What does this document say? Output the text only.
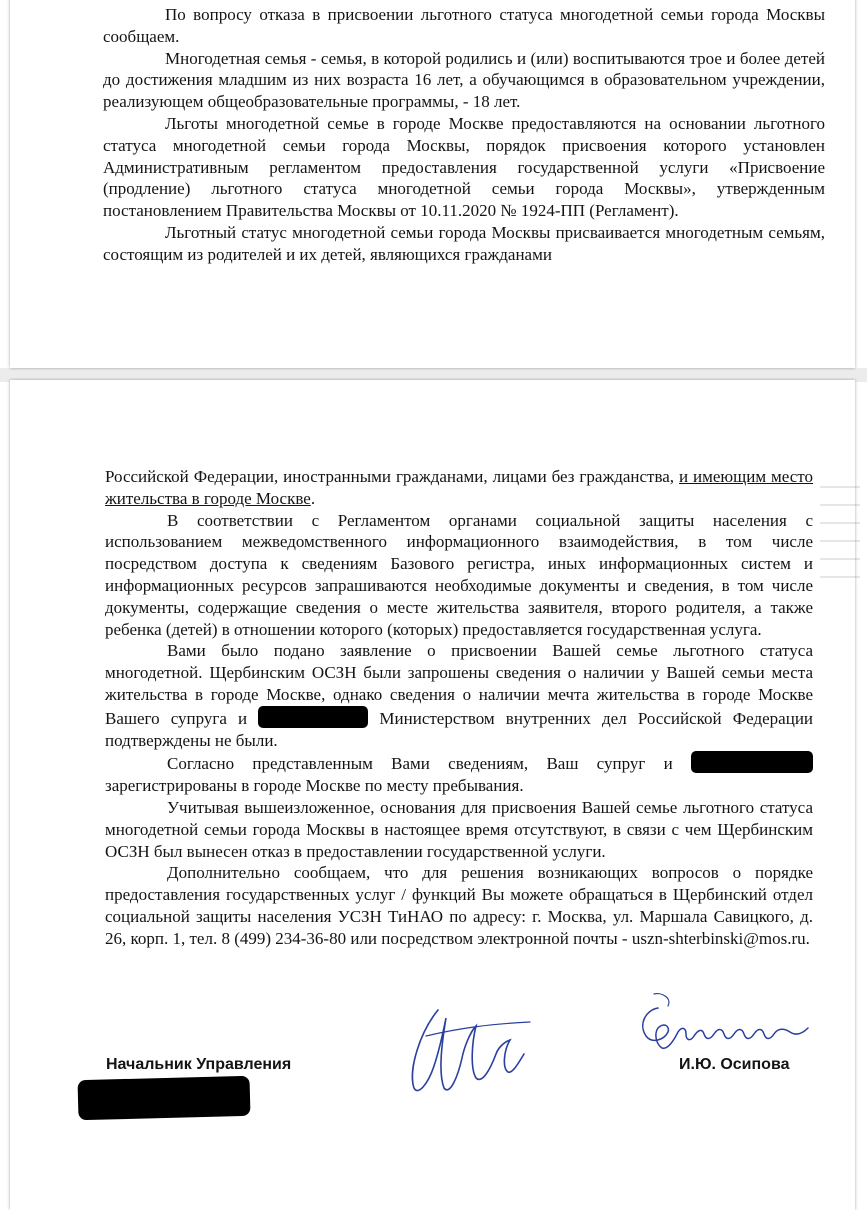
По вопросу отказа в присвоении льготного статуса многодетной семьи города Москвы сообщаем.

Многодетная семья - семья, в которой родились и (или) воспитываются трое и более детей до достижения младшим из них возраста 16 лет, а обучающимся в образовательном учреждении, реализующем общеобразовательные программы, - 18 лет.

Льготы многодетной семье в городе Москве предоставляются на основании льготного статуса многодетной семьи города Москвы, порядок присвоения которого установлен Административным регламентом предоставления государственной услуги «Присвоение (продление) льготного статуса многодетной семьи города Москвы», утвержденным постановлением Правительства Москвы от 10.11.2020 № 1924-ПП (Регламент).

Льготный статус многодетной семьи города Москвы присваивается многодетным семьям, состоящим из родителей и их детей, являющихся гражданами

Российской Федерации, иностранными гражданами, лицами без гражданства, и имеющим место жительства в городе Москве.

В соответствии с Регламентом органами социальной защиты населения с использованием межведомственного информационного взаимодействия, в том числе посредством доступа к сведениям Базового регистра, иных информационных систем и информационных ресурсов запрашиваются необходимые документы и сведения, в том числе документы, содержащие сведения о месте жительства заявителя, второго родителя, а также ребенка (детей) в отношении которого (которых) предоставляется государственная услуга.

Вами было подано заявление о присвоении Вашей семье льготного статуса многодетной. Щербинским ОСЗН были запрошены сведения о наличии у Вашей семьи места жительства в городе Москве, однако сведения о наличии мечта жительства в городе Москве Вашего супруга и	Министерством внутренних дел Российской Федерации подтверждены не были.

Согласно представленным Вами сведениям, Ваш супруг и  зарегистрированы в городе Москве по месту пребывания.

Учитывая вышеизложенное, основания для присвоения Вашей семье льготного статуса многодетной семьи города Москвы в настоящее время отсутствуют, в связи с чем Щербинским ОСЗН был вынесен отказ в предоставлении государственной услуги.

Дополнительно сообщаем, что для решения возникающих вопросов о порядке предоставления государственных услуг / функций Вы можете обращаться в Щербинский отдел социальной защиты населения УСЗН ТиНАО по адресу: г. Москва, ул. Маршала Савицкого, д. 26, корп. 1, тел. 8 (499) 234-36-80 или посредством электронной почты - uszn-shterbinski@mos.ru.

Начальник Управления	И.Ю. Осипова
